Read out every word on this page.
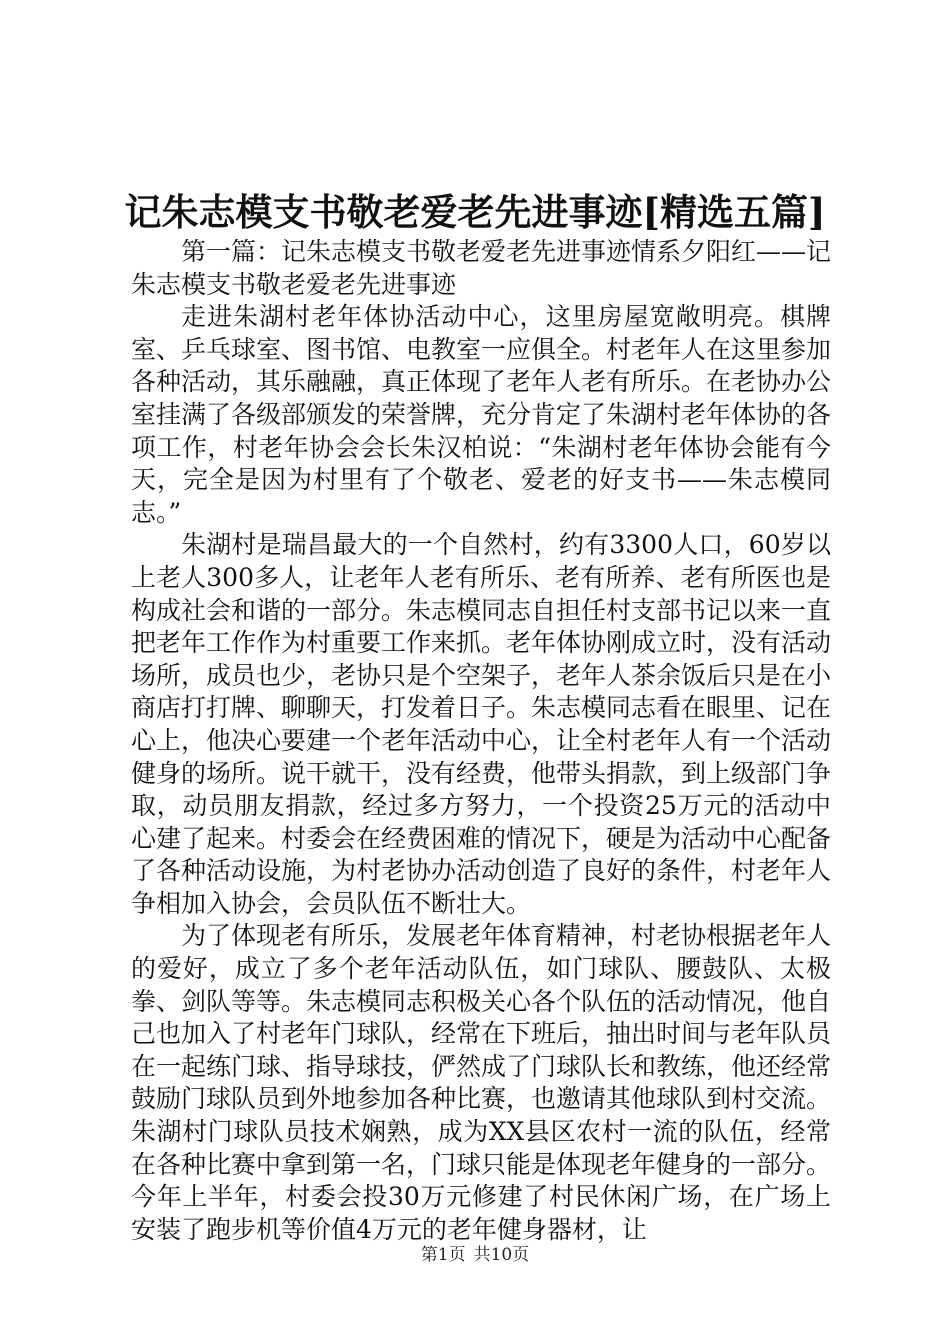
记朱志模支书敬老爱老先进事迹[精选五篇]

第一篇：记朱志模支书敬老爱老先进事迹情系夕阳红——记朱志模支书敬老爱老先进事迹

走进朱湖村老年体协活动中心，这里房屋宽敞明亮。棋牌室、乒乓球室、图书馆、电教室一应俱全。村老年人在这里参加各种活动，其乐融融，真正体现了老年人老有所乐。在老协办公室挂满了各级部颁发的荣誉牌，充分肯定了朱湖村老年体协的各项工作，村老年协会会长朱汉柏说：“朱湖村老年体协会能有今天，完全是因为村里有了个敬老、爱老的好支书——朱志模同志。”

朱湖村是瑞昌最大的一个自然村，约有3300人口，60岁以上老人300多人，让老年人老有所乐、老有所养、老有所医也是构成社会和谐的一部分。朱志模同志自担任村支部书记以来一直把老年工作作为村重要工作来抓。老年体协刚成立时，没有活动场所，成员也少，老协只是个空架子，老年人茶余饭后只是在小商店打打牌、聊聊天，打发着日子。朱志模同志看在眼里、记在心上，他决心要建一个老年活动中心，让全村老年人有一个活动健身的场所。说干就干，没有经费，他带头捐款，到上级部门争取，动员朋友捐款，经过多方努力，一个投资25万元的活动中心建了起来。村委会在经费困难的情况下，硬是为活动中心配备了各种活动设施，为村老协办活动创造了良好的条件，村老年人争相加入协会，会员队伍不断壮大。

为了体现老有所乐，发展老年体育精神，村老协根据老年人的爱好，成立了多个老年活动队伍，如门球队、腰鼓队、太极拳、剑队等等。朱志模同志积极关心各个队伍的活动情况，他自己也加入了村老年门球队，经常在下班后，抽出时间与老年队员在一起练门球、指导球技，俨然成了门球队长和教练，他还经常鼓励门球队员到外地参加各种比赛，也邀请其他球队到村交流。朱湖村门球队员技术娴熟，成为XX县区农村一流的队伍，经常在各种比赛中拿到第一名，门球只能是体现老年健身的一部分。今年上半年，村委会投30万元修建了村民休闲广场，在广场上安装了跑步机等价值4万元的老年健身器材，让

第1页 共10页
